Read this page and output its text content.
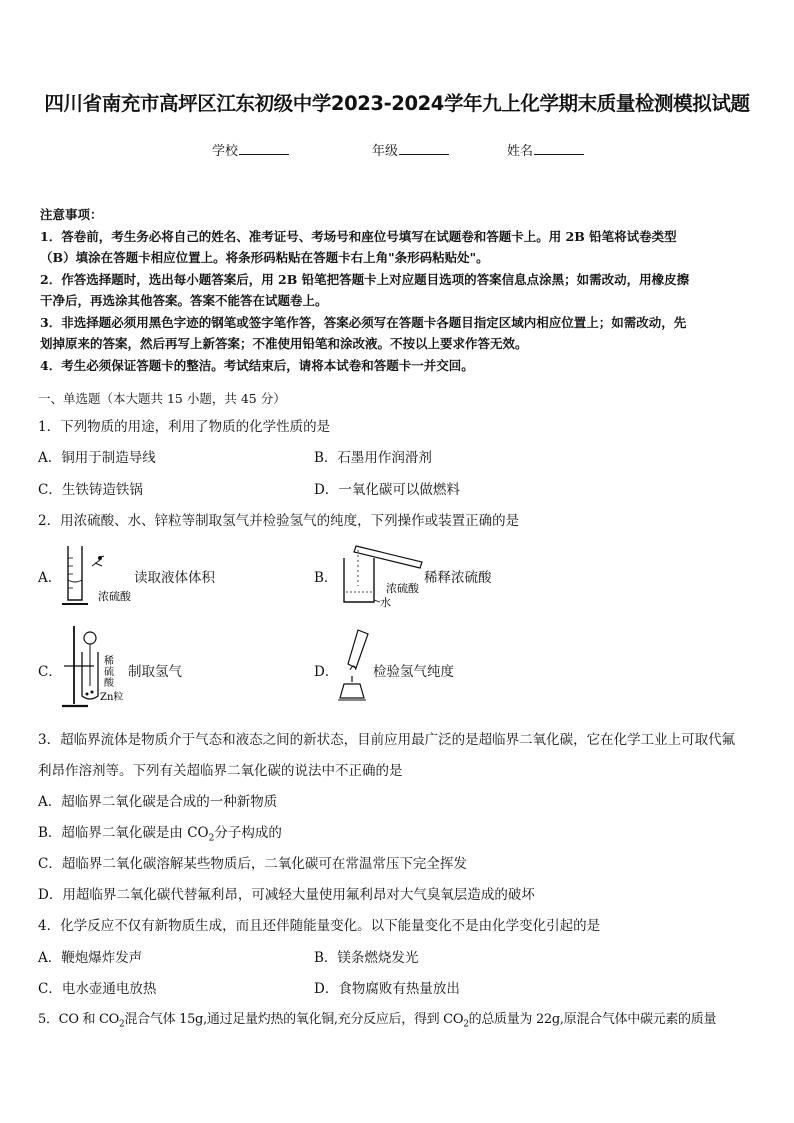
四川省南充市高坪区江东初级中学2023-2024学年九上化学期末质量检测模拟试题
学校	年级	姓名

注意事项：

1．答卷前，考生务必将自己的姓名、准考证号、考场号和座位号填写在试题卷和答题卡上。用 2B 铅笔将试卷类型

（B）填涂在答题卡相应位置上。将条形码粘贴在答题卡右上角"条形码粘贴处"。

2．作答选择题时，选出每小题答案后，用 2B 铅笔把答题卡上对应题目选项的答案信息点涂黑；如需改动，用橡皮擦

干净后，再选涂其他答案。答案不能答在试题卷上。

3．非选择题必须用黑色字迹的钢笔或签字笔作答，答案必须写在答题卡各题目指定区域内相应位置上；如需改动，先

划掉原来的答案，然后再写上新答案；不准使用铅笔和涂改液。不按以上要求作答无效。

4．考生必须保证答题卡的整洁。考试结束后，请将本试卷和答题卡一并交回。

一、单选题（本大题共 15 小题，共 45 分）
1．下列物质的用途，利用了物质的化学性质的是
A．铜用于制造导线	B．石墨用作润滑剂
C．生铁铸造铁锅	D．一氧化碳可以做燃料
2．用浓硫酸、水、锌粒等制取氢气并检验氢气的纯度，下列操作或装置正确的是
A．
浓硫酸
读取液体体积	B．
浓硫酸
水
稀释浓硫酸
C．
稀
硫
酸
Zn粒
制取氢气	D．	检验氢气纯度
3．超临界流体是物质介于气态和液态之间的新状态，目前应用最广泛的是超临界二氧化碳，它在化学工业上可取代氟
利昂作溶剂等。下列有关超临界二氧化碳的说法中不正确的是
A．超临界二氧化碳是合成的一种新物质
B．超临界二氧化碳是由 $CO_2$分子构成的
C．超临界二氧化碳溶解某些物质后，二氧化碳可在常温常压下完全挥发
D．用超临界二氧化碳代替氟利昂，可减轻大量使用氟利昂对大气臭氧层造成的破坏
4．化学反应不仅有新物质生成，而且还伴随能量变化。以下能量变化不是由化学变化引起的是
A．鞭炮爆炸发声	B．镁条燃烧发光
C．电水壶通电放热	D．食物腐败有热量放出
5．CO 和 $CO_2$混合气体 15g,通过足量灼热的氧化铜,充分反应后，得到 $CO_2$的总质量为 22g,原混合气体中碳元素的质量
